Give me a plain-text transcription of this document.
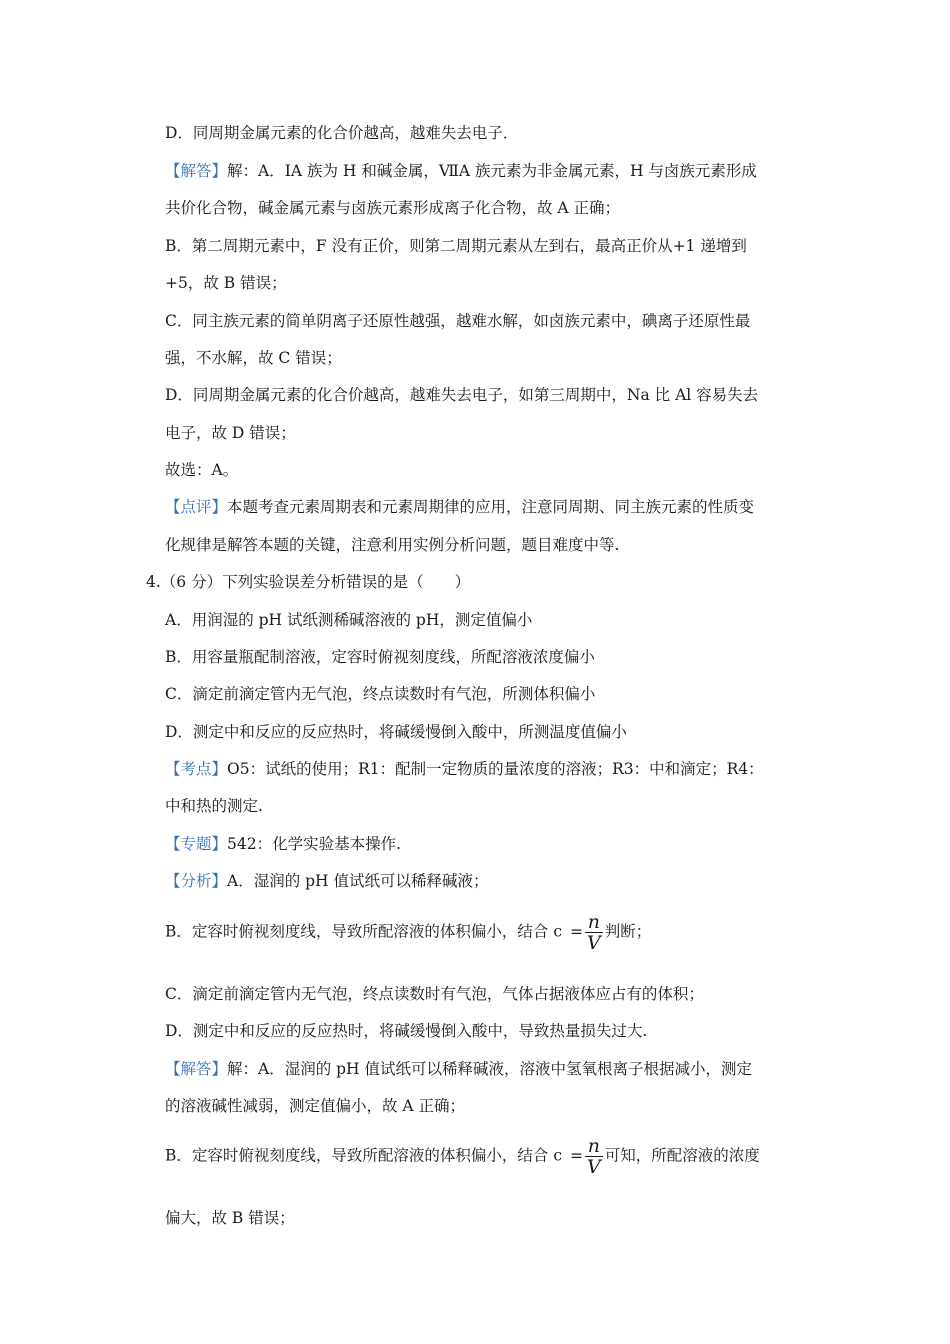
D．同周期金属元素的化合价越高，越难失去电子．
【解答】解：A．ⅠA 族为 H 和碱金属，ⅦA 族元素为非金属元素，H 与卤族元素形成
共价化合物，碱金属元素与卤族元素形成离子化合物，故 A 正确；
B．第二周期元素中，F 没有正价，则第二周期元素从左到右，最高正价从+1 递增到
+5，故 B 错误；
C．同主族元素的简单阴离子还原性越强，越难水解，如卤族元素中，碘离子还原性最
强，不水解，故 C 错误；
D．同周期金属元素的化合价越高，越难失去电子，如第三周期中，Na 比 Al 容易失去
电子，故 D 错误；
故选：A。
【点评】本题考查元素周期表和元素周期律的应用，注意同周期、同主族元素的性质变
化规律是解答本题的关键，注意利用实例分析问题，题目难度中等.
4.（6 分）下列实验误差分析错误的是（　　）
A．用润湿的 pH 试纸测稀碱溶液的 pH，测定值偏小
B．用容量瓶配制溶液，定容时俯视刻度线，所配溶液浓度偏小
C．滴定前滴定管内无气泡，终点读数时有气泡，所测体积偏小
D．测定中和反应的反应热时，将碱缓慢倒入酸中，所测温度值偏小
【考点】O5：试纸的使用；R1：配制一定物质的量浓度的溶液；R3：中和滴定；R4：
中和热的测定.
【专题】542：化学实验基本操作.
【分析】A．湿润的 pH 值试纸可以稀释碱液；
B．定容时俯视刻度线，导致所配溶液的体积偏小，结合 $c = \frac{n}{V}$ 判断；
C．滴定前滴定管内无气泡，终点读数时有气泡，气体占据液体应占有的体积；
D．测定中和反应的反应热时，将碱缓慢倒入酸中，导致热量损失过大.
【解答】解：A．湿润的 pH 值试纸可以稀释碱液，溶液中氢氧根离子根据减小，测定
的溶液碱性减弱，测定值偏小，故 A 正确；
B．定容时俯视刻度线，导致所配溶液的体积偏小，结合 $c = \frac{n}{V}$ 可知，所配溶液的浓度
偏大，故 B 错误；
